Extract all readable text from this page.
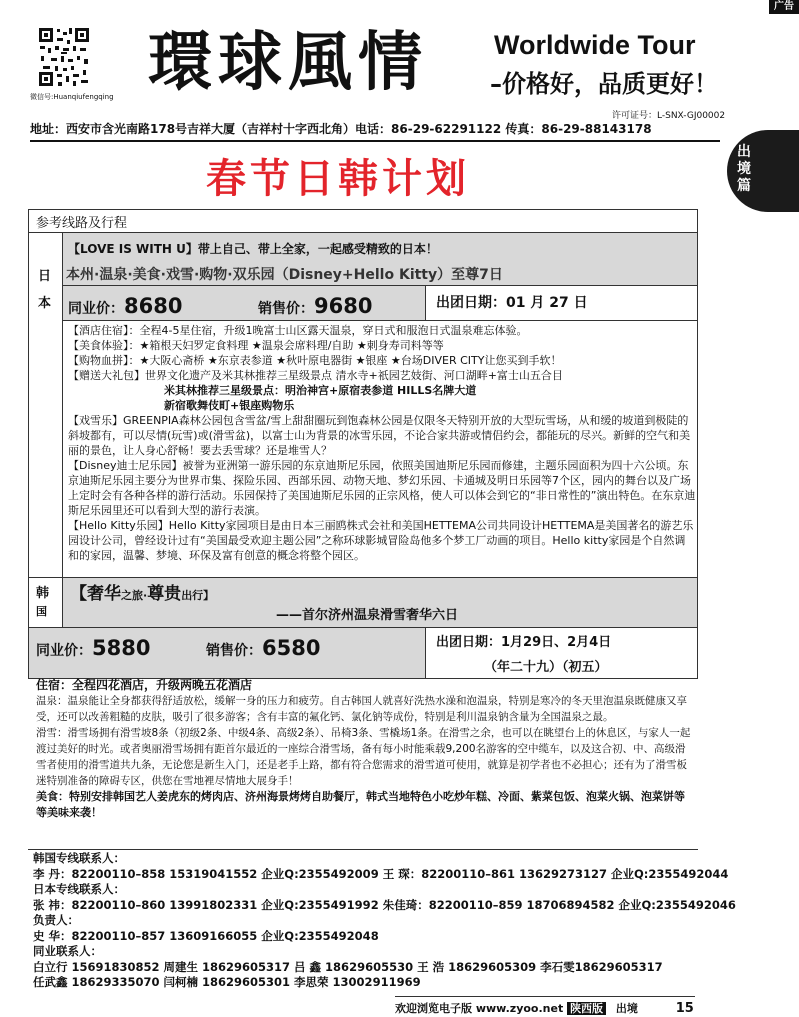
广告
出境篇
微信号:Huanqiufengqing 環球風情 Worldwide Tour
–价格好，品质更好！
许可证号：L-SNX-GJ00002
地址：西安市含光南路178号吉祥大厦（吉祥村十字西北角）电话：86-29-62291122 传真：86-29-88143178
春节日韩计划
参考线路及行程
日
本
【LOVE IS WITH U】带上自己、带上全家，一起感受精致的日本！
本州·温泉·美食·戏雪·购物·双乐园（Disney+Hello Kitty）至尊7日
同业价：8680	销售价：9680	出团日期：01 月 27 日
【酒店住宿】：全程4-5星住宿，升级1晚富士山区露天温泉，穿日式和服泡日式温泉难忘体验。
【美食体验】：★箱根天妇罗定食料理 ★温泉会席料理/自助 ★刺身寿司料等等
【购物血拼】：★大阪心斋桥 ★东京表参道 ★秋叶原电器街 ★银座 ★台场DIVER CITY让您买到手软！
【赠送大礼包】世界文化遗产及米其林推荐三星级景点 清水寺+祇园艺妓街、河口湖畔+富士山五合目
米其林推荐三星级景点：明治神宫+原宿表参道 HILLS名牌大道
新宿歌舞伎町+银座购物乐
【戏雪乐】GREENPIA森林公园包含雪盆/雪上甜甜圈玩到饱森林公园是仅限冬天特别开放的大型玩雪场，从和缓的坡道到极陡的斜坡都有，可以尽情(玩雪)或(滑雪盆)，以富士山为背景的冰雪乐园，不论合家共游或情侣约会，都能玩的尽兴。新鲜的空气和美丽的景色，让人身心舒畅！要去丢雪球？还是堆雪人？
【Disney迪士尼乐园】被誉为亚洲第一游乐园的东京迪斯尼乐园，依照美国迪斯尼乐园而修建，主题乐园面积为四十六公顷。东京迪斯尼乐园主要分为世界市集、探险乐园、西部乐园、动物天地、梦幻乐园、卡通城及明日乐园等7个区，园内的舞台以及广场上定时会有各种各样的游行活动。乐园保持了美国迪斯尼乐园的正宗风格，使人可以体会到它的“非日常性的”演出特色。在东京迪斯尼乐园里还可以看到大型的游行表演。
【Hello Kitty乐园】Hello Kitty家园项目是由日本三丽鸥株式会社和美国HETTEMA公司共同设计HETTEMA是美国著名的游艺乐园设计公司，曾经设计过有“美国最受欢迎主题公园”之称环球影城冒险岛他多个梦工厂动画的项目。Hello kitty家园是个自然调和的家园，温馨、梦境、环保及富有创意的概念将整个园区。
韩
国
【奢华之旅·尊贵出行】
——首尔济州温泉滑雪奢华六日
同业价：5880	销售价：6580	出团日期：1月29日、2月4日
（年二十九）（初五）
住宿：全程四花酒店，升级两晚五花酒店
温泉：温泉能让全身都获得舒适放松，缓解一身的压力和疲劳。自古韩国人就喜好洗热水澡和泡温泉，特别是寒冷的冬天里泡温泉既健康又享受，还可以改善粗糙的皮肤，吸引了很多游客；含有丰富的氟化钙、氯化钠等成份，特别是利川温泉钠含量为全国温泉之最。
滑雪：滑雪场拥有滑雪坡8条（初级2条、中级4条、高级2条）、吊椅3条、雪橇场1条。在滑雪之余，也可以在眺望台上的休息区，与家人一起渡过美好的时光。或者奥丽滑雪场拥有距首尔最近的一座综合滑雪场，备有每小时能乘载9,200名游客的空中缆车，以及这合初、中、高级滑雪者使用的滑雪道共九条，无论您是新生入门，还是老手上路，都有符合您需求的滑雪道可使用，就算是初学者也不必担心；还有为了滑雪板迷特别准备的障碍专区，供您在雪地裡尽情地大展身手！
美食：特别安排韩国艺人姜虎东的烤肉店、济州海景烤烤自助餐厅，韩式当地特色小吃炒年糕、冷面、紫菜包饭、泡菜火锅、泡菜饼等等美味来袭！
韩国专线联系人：
李 丹：82200110–858 15319041552 企业Q:2355492009 王 琛：82200110–861 13629273127 企业Q:2355492044
日本专线联系人：
张 祎：82200110–860 13991802331 企业Q:2355491992 朱佳琦：82200110–859 18706894582 企业Q:2355492046
负责人：
史 华：82200110–857 13609166055 企业Q:2355492048
同业联系人：
白立行 15691830852 周建生 18629605317 吕 鑫 18629605530 王 浩 18629605309 李石雯18629605317
任武鑫 18629335070 闫柯楠 18629605301 李思荣 13002911969
欢迎浏览电子版 www.zyoo.net 陕西版 出境	15
